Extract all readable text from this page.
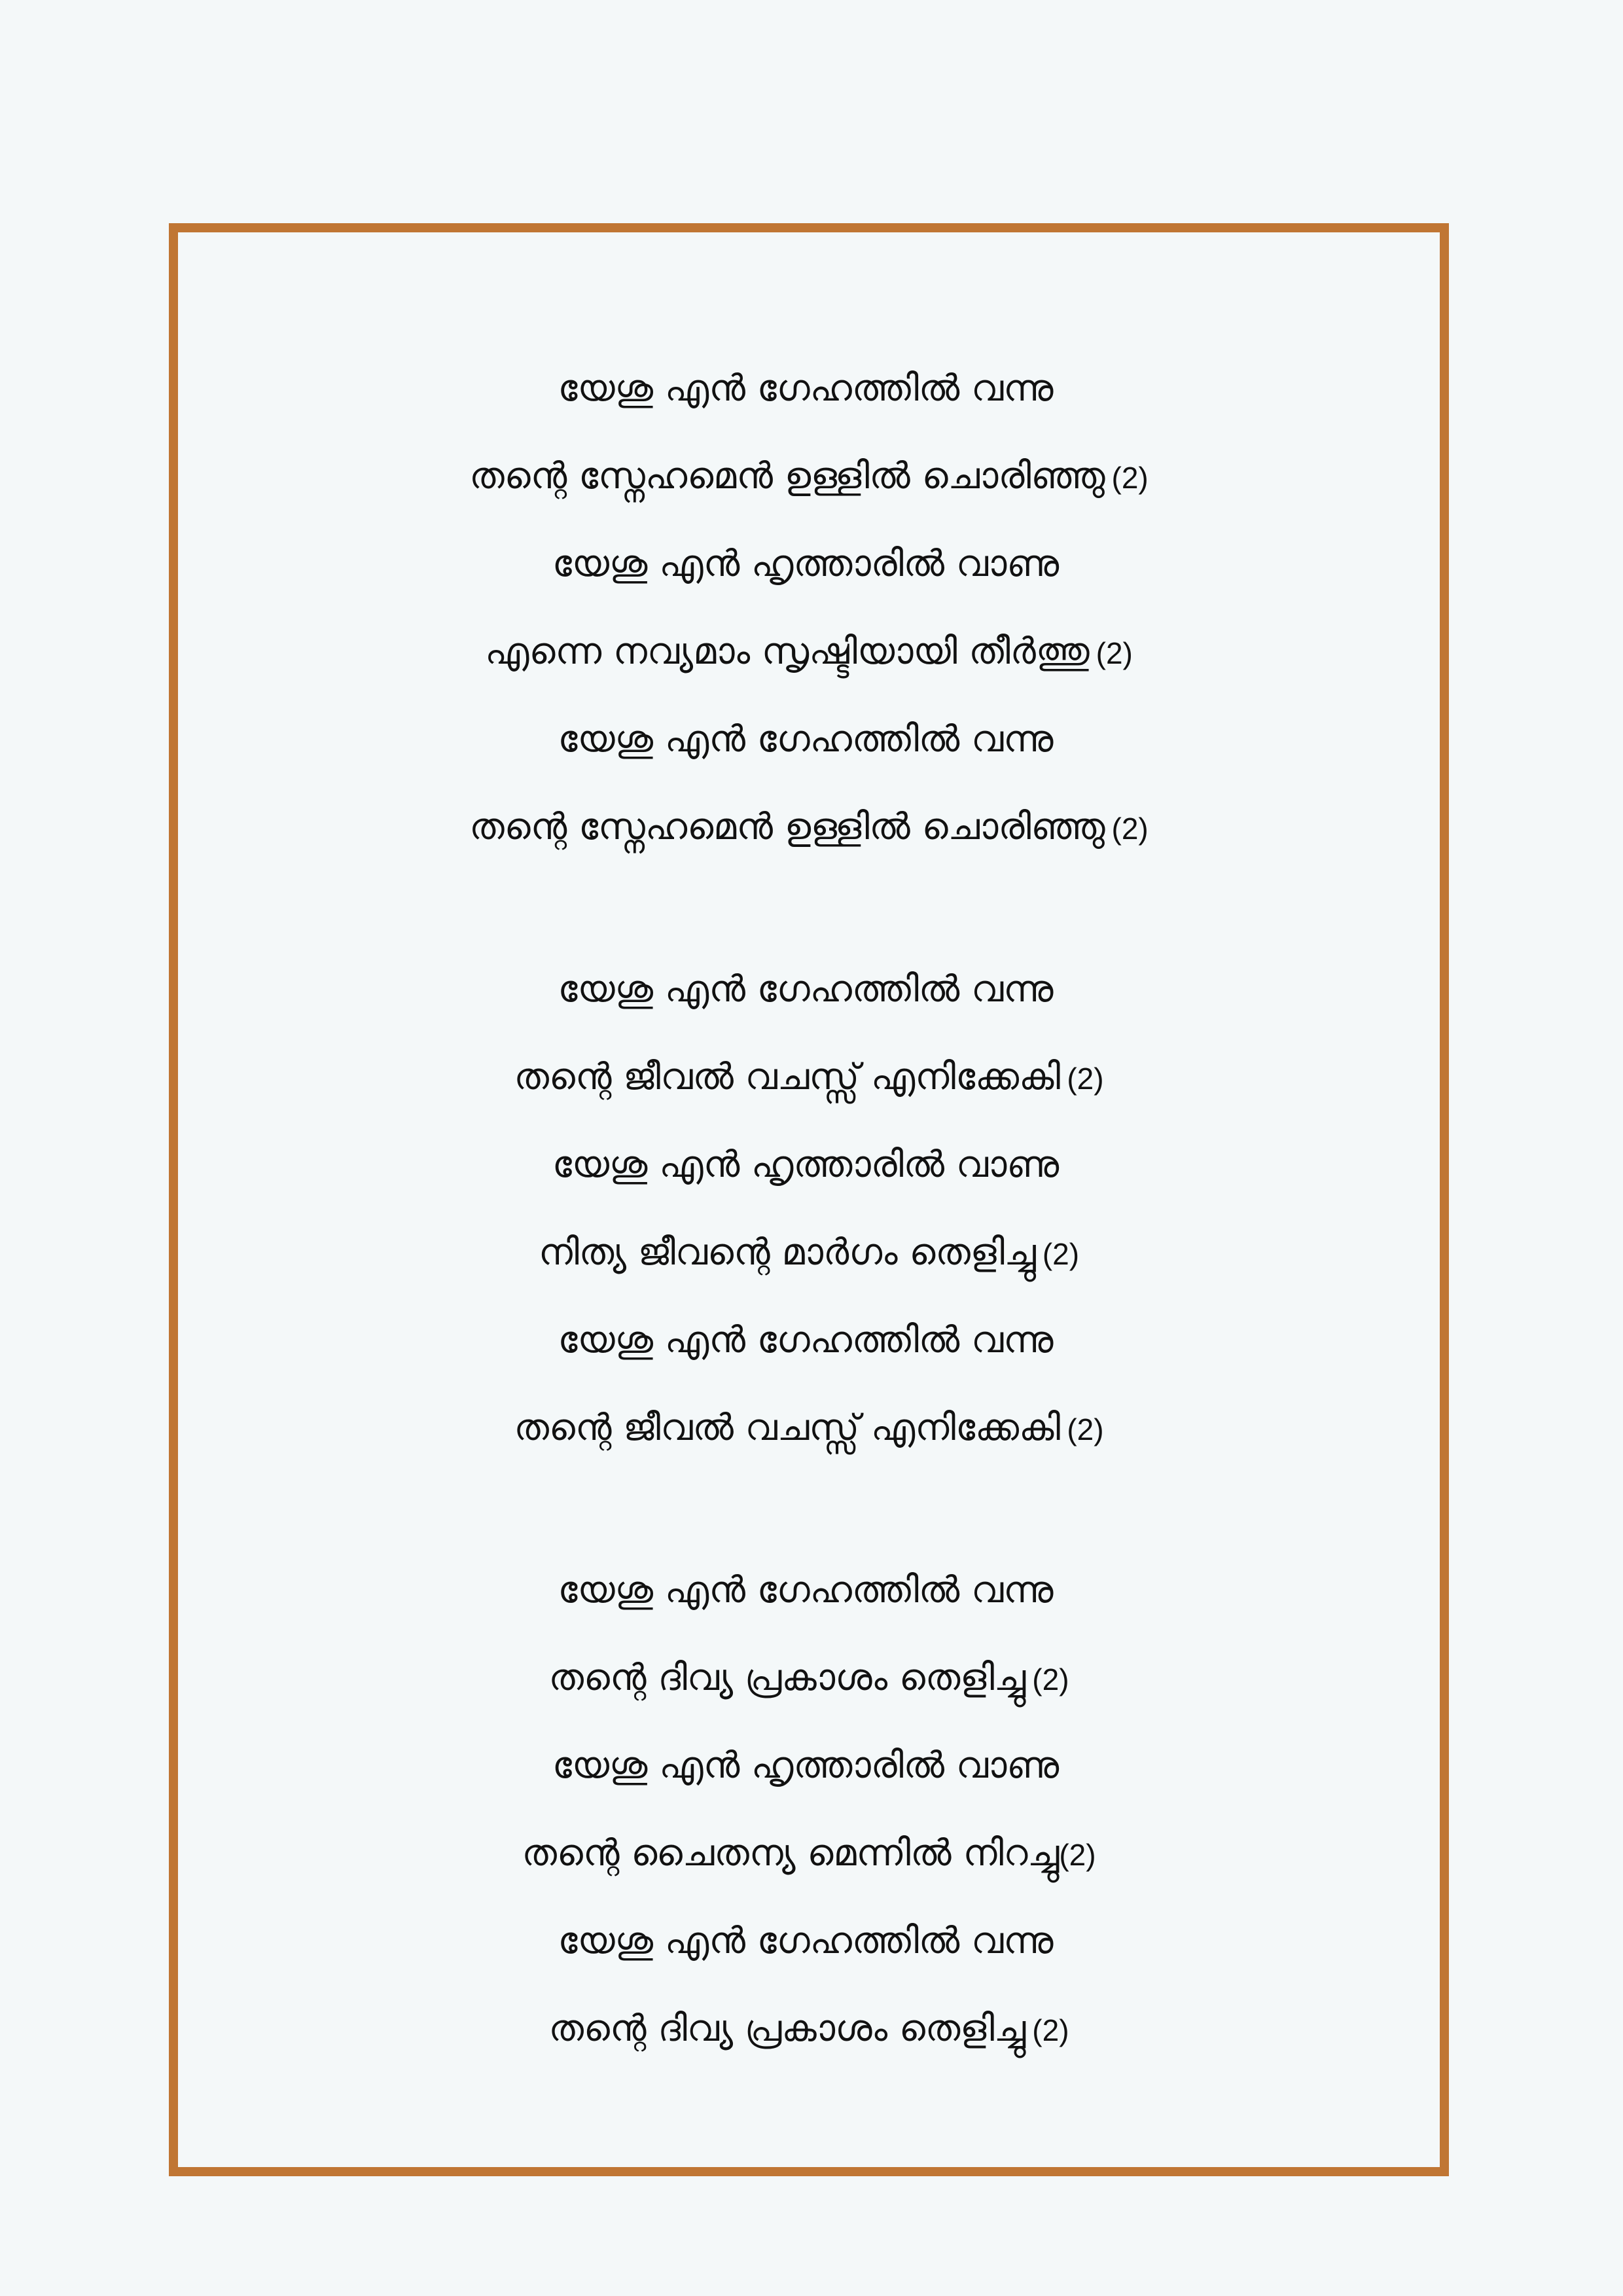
യേശു എൻ ഗേഹത്തിൽ വന്നു
തന്റെ സ്നേഹമെൻ ഉള്ളിൽ ചൊരിഞ്ഞു (2)
യേശു എൻ ഹൃത്താരിൽ വാണു
എന്നെ നവ്യമാം സൃഷ്ടിയായി തീർത്തു (2)
യേശു എൻ ഗേഹത്തിൽ വന്നു
തന്റെ സ്നേഹമെൻ ഉള്ളിൽ ചൊരിഞ്ഞു (2)
യേശു എൻ ഗേഹത്തിൽ വന്നു
തന്റെ ജീവൽ വചസ്സ് എനിക്കേകി (2)
യേശു എൻ ഹൃത്താരിൽ വാണു
നിത്യ ജീവന്റെ മാർഗം തെളിച്ചു (2)
യേശു എൻ ഗേഹത്തിൽ വന്നു
തന്റെ ജീവൽ വചസ്സ് എനിക്കേകി (2)
യേശു എൻ ഗേഹത്തിൽ വന്നു
തന്റെ ദിവ്യ പ്രകാശം തെളിച്ചു (2)
യേശു എൻ ഹൃത്താരിൽ വാണു
തന്റെ ചൈതന്യ മെന്നിൽ നിറച്ചു(2)
യേശു എൻ ഗേഹത്തിൽ വന്നു
തന്റെ ദിവ്യ പ്രകാശം തെളിച്ചു (2)
